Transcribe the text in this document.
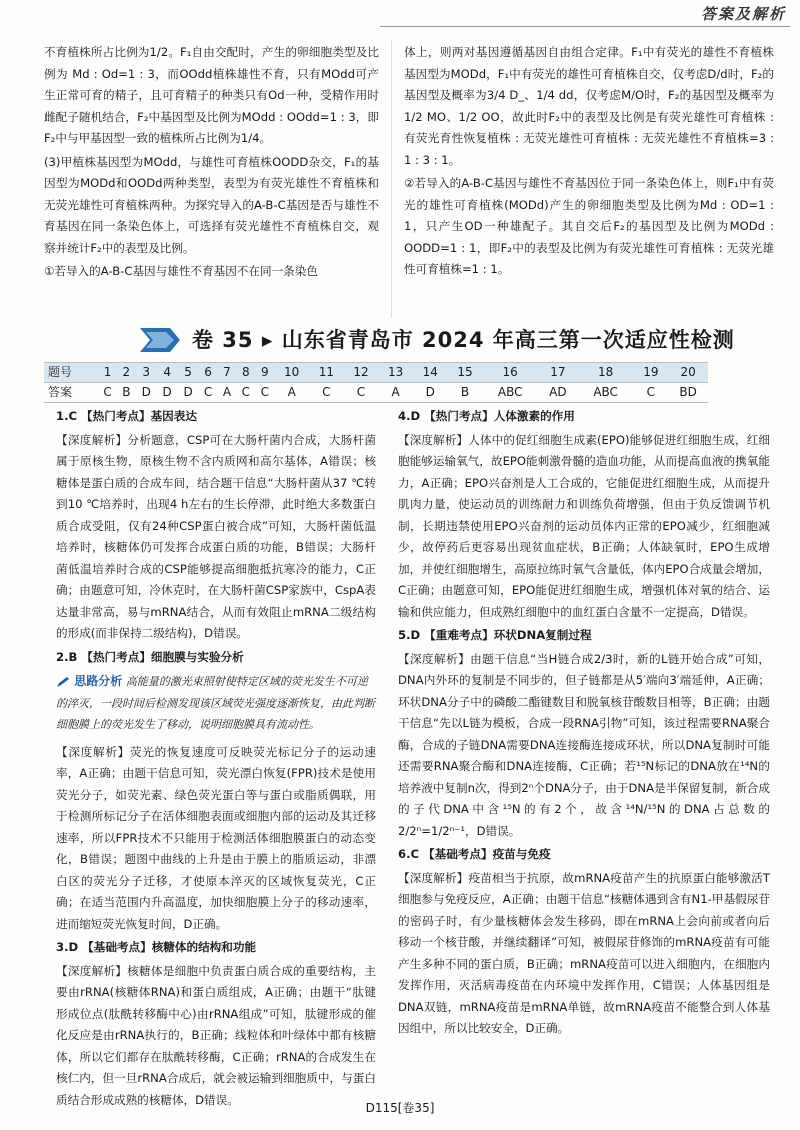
答案及解析

不育植株所占比例为1/2。F₁自由交配时，产生的卵细胞类型及比例为 Md : Od=1 : 3，而OOdd植株雄性不育，只有MOdd可产生正常可育的精子，且可育精子的种类只有Od一种，受精作用时雌配子随机结合，F₂中基因型及比例为MOdd : OOdd=1 : 3，即F₂中与甲基因型一致的植株所占比例为1/4。

(3)甲植株基因型为MOdd，与雄性可育植株OODD杂交，F₁的基因型为MODd和OODd两种类型，表型为有荧光雄性不育植株和无荧光雄性可育植株两种。为探究导入的A-B-C基因是否与雄性不育基因在同一条染色体上，可选择有荧光雄性不育植株自交，观察并统计F₂中的表型及比例。

①若导入的A-B-C基因与雄性不育基因不在同一条染色

体上，则两对基因遵循基因自由组合定律。F₁中有荧光的雄性不育植株基因型为MODd，F₁中有荧光的雄性可育植株自交，仅考虑D/d时，F₂的基因型及概率为3/4 D_、1/4 dd，仅考虑M/O时，F₂的基因型及概率为1/2 MO、1/2 OO，故此时F₂中的表型及比例是有荧光雄性可育植株 : 有荧光育性恢复植株 : 无荧光雄性可育植株 : 无荧光雄性不育植株=3 : 1 : 3 : 1。

②若导入的A-B-C基因与雄性不育基因位于同一条染色体上，则F₁中有荧光的雄性可育植株(MODd)产生的卵细胞类型及比例为Md : OD=1 : 1，只产生OD一种雄配子。其自交后F₂的基因型及比例为MODd : OODD=1 : 1，即F₂中的表型及比例为有荧光雄性可育植株 : 无荧光雄性可育植株=1 : 1。

卷 35 ▸ 山东省青岛市 2024 年高三第一次适应性检测
题号	1	2	3	4	5	6	7	8	9	10	11	12	13	14	15	16	17	18	19	20
答案	C	B	D	D	D	C	A	C	C	A	C	C	A	D	B	ABC	AD	ABC	C	BD

1.C 【热门考点】基因表达

【深度解析】分析题意，CSP可在大肠杆菌内合成，大肠杆菌属于原核生物，原核生物不含内质网和高尔基体，A错误；核糖体是蛋白质的合成车间，结合题干信息“大肠杆菌从37 ℃转到10 ℃培养时，出现4 h左右的生长停滞，此时绝大多数蛋白质合成受阻，仅有24种CSP蛋白被合成”可知，大肠杆菌低温培养时，核糖体仍可发挥合成蛋白质的功能，B错误；大肠杆菌低温培养时合成的CSP能够提高细胞抵抗寒冷的能力，C正确；由题意可知，冷休克时，在大肠杆菌CSP家族中，CspA表达量非常高，易与mRNA结合，从而有效阻止mRNA二级结构的形成(而非保持二级结构)，D错误。

2.B 【热门考点】细胞膜与实验分析

思路分析 高能量的激光束照射使特定区域的荧光发生不可逆的淬灭，一段时间后检测发现该区域荧光强度逐渐恢复，由此判断细胞膜上的荧光发生了移动，说明细胞膜具有流动性。

【深度解析】荧光的恢复速度可反映荧光标记分子的运动速率，A正确；由题干信息可知，荧光漂白恢复(FPR)技术是使用荧光分子，如荧光素、绿色荧光蛋白等与蛋白或脂质偶联，用于检测所标记分子在活体细胞表面或细胞内部的运动及其迁移速率，所以FPR技术不只能用于检测活体细胞膜蛋白的动态变化，B错误；题图中曲线的上升是由于膜上的脂质运动，非漂白区的荧光分子迁移，才使原本淬灭的区域恢复荧光，C正确；在适当范围内升高温度，加快细胞膜上分子的移动速率，进而缩短荧光恢复时间，D正确。

3.D 【基础考点】核糖体的结构和功能

【深度解析】核糖体是细胞中负责蛋白质合成的重要结构，主要由rRNA(核糖体RNA)和蛋白质组成，A正确；由题干“肽键形成位点(肽酰转移酶中心)由rRNA组成”可知，肽键形成的催化反应是由rRNA执行的，B正确；线粒体和叶绿体中都有核糖体，所以它们都存在肽酰转移酶，C正确；rRNA的合成发生在核仁内，但一旦rRNA合成后，就会被运输到细胞质中，与蛋白质结合形成成熟的核糖体，D错误。

4.D 【热门考点】人体激素的作用

【深度解析】人体中的促红细胞生成素(EPO)能够促进红细胞生成，红细胞能够运输氧气，故EPO能刺激骨髓的造血功能，从而提高血液的携氧能力，A正确；EPO兴奋剂是人工合成的，它能促进红细胞生成，从而提升肌肉力量，使运动员的训练耐力和训练负荷增强，但由于负反馈调节机制，长期违禁使用EPO兴奋剂的运动员体内正常的EPO减少，红细胞减少，故停药后更容易出现贫血症状，B正确；人体缺氧时，EPO生成增加，并使红细胞增生，高原拉练时氧气含量低，体内EPO合成量会增加，C正确；由题意可知，EPO能促进红细胞生成，增强机体对氧的结合、运输和供应能力，但成熟红细胞中的血红蛋白含量不一定提高，D错误。

5.D 【重难考点】环状DNA复制过程

【深度解析】由题干信息“当H链合成2/3时，新的L链开始合成”可知，DNA内外环的复制是不同步的，但子链都是从5′端向3′端延伸，A正确；环状DNA分子中的磷酸二酯键数目和脱氧核苷酸数目相等，B正确；由题干信息“先以L链为模板，合成一段RNA引物”可知，该过程需要RNA聚合酶，合成的子链DNA需要DNA连接酶连接成环状，所以DNA复制时可能还需要RNA聚合酶和DNA连接酶，C正确；若¹⁵N标记的DNA放在¹⁴N的培养液中复制n次，得到2ⁿ个DNA分子，由于DNA是半保留复制，新合成的子代DNA中含¹⁵N的有2个，故含¹⁴N/¹⁵N的DNA占总数的2/2ⁿ=1/2ⁿ⁻¹，D错误。

6.C 【基础考点】疫苗与免疫

【深度解析】疫苗相当于抗原，故mRNA疫苗产生的抗原蛋白能够激活T细胞参与免疫反应，A正确；由题干信息“核糖体遇到含有N1-甲基假尿苷的密码子时，有少量核糖体会发生移码，即在mRNA上会向前或者向后移动一个核苷酸，并继续翻译”可知，被假尿苷修饰的mRNA疫苗有可能产生多种不同的蛋白质，B正确；mRNA疫苗可以进入细胞内，在细胞内发挥作用，灭活病毒疫苗在内环境中发挥作用，C错误；人体基因组是DNA双链，mRNA疫苗是mRNA单链，故mRNA疫苗不能整合到人体基因组中，所以比较安全，D正确。

D115[卷35]
